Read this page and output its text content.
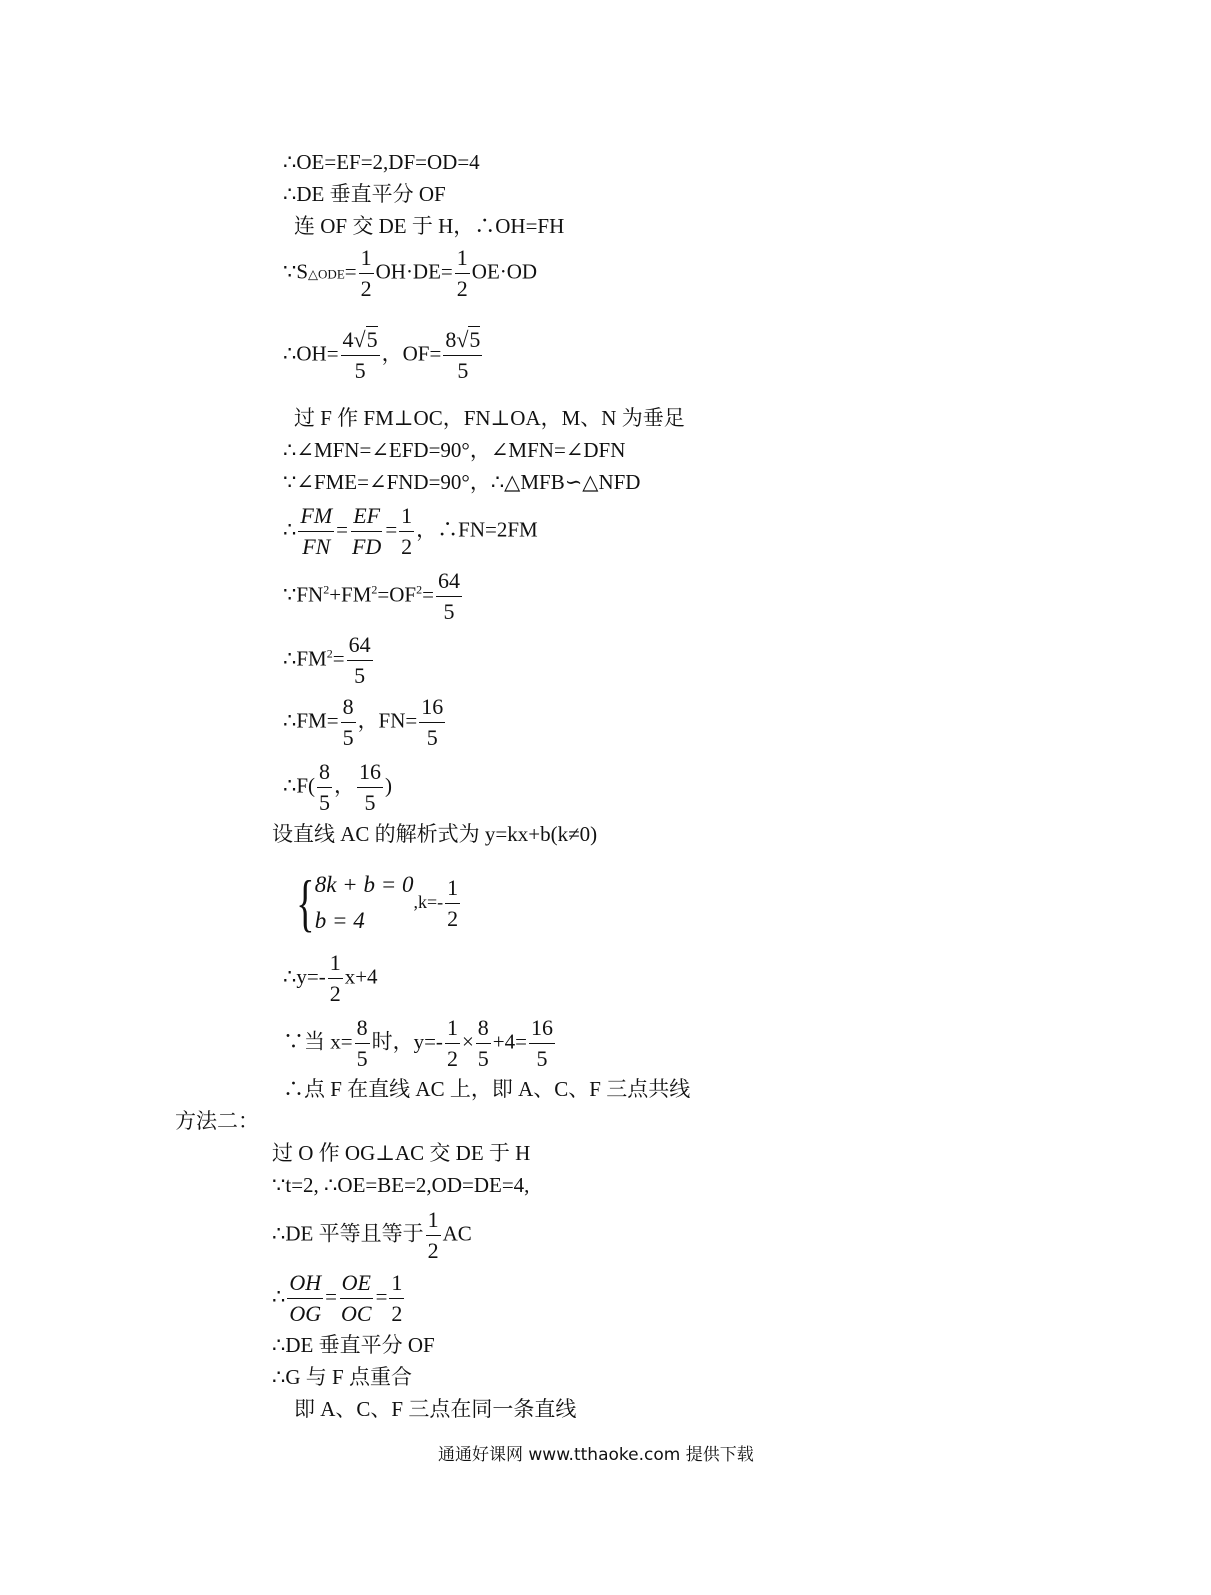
∴OE=EF=2,DF=OD=4
∴DE 垂直平分 OF
连 OF 交 DE 于 H，∴OH=FH
∵S△ODE= $\frac{1}{2} OH\cdot DE= \frac{1}{2} OE\cdot OD$
∴OH= $\frac{4√5}{5}$ ，$OF= \frac{8√5}{5}$
过 F 作 FM⊥OC，FN⊥OA，M、N 为垂足
∴∠MFN=∠EFD=90°，∠MFN=∠DFN
∵∠FME=∠FND=90°，∴△MFB∽△NFD
∴ $\frac{FM}{FN} = \frac{EF}{FD} = \frac{1}{2}$ ，∴FN=2FM
$\because FN^2+FM^2=OF^2= \frac{64}{5}$
$\therefore FM^2= \frac{64}{5}$
∴FM= $\frac{8}{5}$ ，$FN= \frac{16}{5}$
∴F( $\frac{8}{5}$ ， $\frac{16}{5}$ )
设直线 AC 的解析式为 y=kx+b(k≠0)
{ 8k + b = 0
b = 4
$,k=- \frac{1}{2}$
∴y=- $\frac{1}{2} x+4$
∵当 $x= \frac{8}{5}$ 时，$y=- \frac{1}{2} \times \frac{8}{5} +4= \frac{16}{5}$
∴点 F 在直线 AC 上，即 A、C、F 三点共线
方法二：
过 O 作 OG⊥AC 交 DE 于 H
∵t=2, ∴OE=BE=2,OD=DE=4,
∴DE 平等且等于 $\frac{1}{2}$ AC
∴ $\frac{OH}{OG} = \frac{OE}{OC} = \frac{1}{2}$
∴DE 垂直平分 OF
∴G 与 F 点重合
即 A、C、F 三点在同一条直线
通通好课网 www.tthaoke.com 提供下载
